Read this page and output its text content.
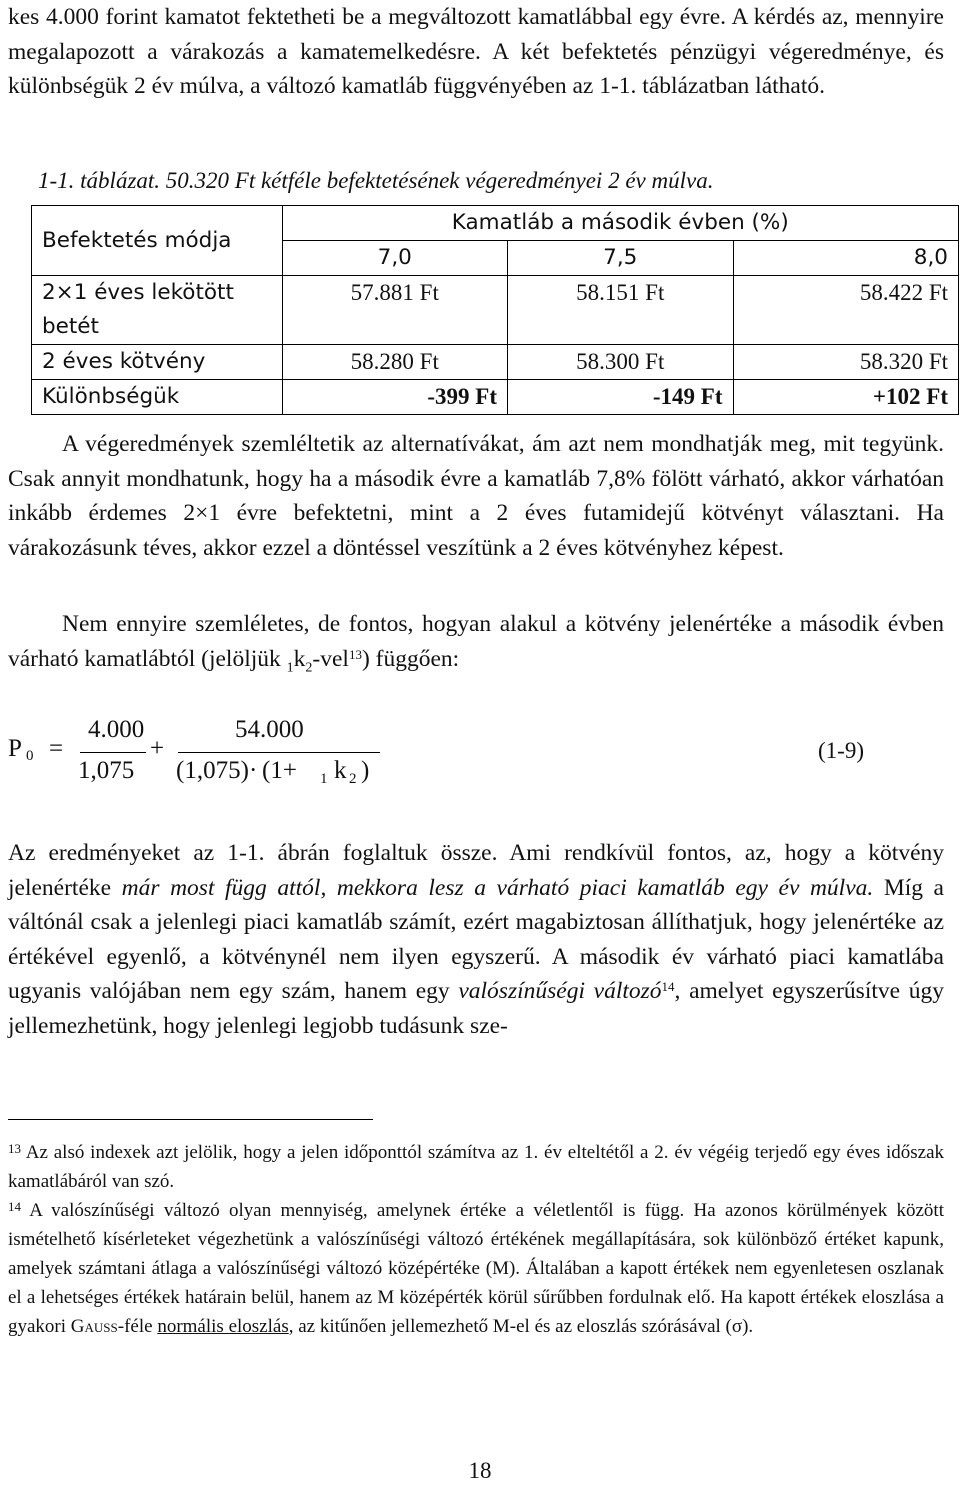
kes 4.000 forint kamatot fektetheti be a megváltozott kamatlábbal egy évre. A kérdés az, mennyire megalapozott a várakozás a kamatemelkedésre. A két befektetés pénzügyi végeredménye, és különbségük 2 év múlva, a változó kamatláb függvényében az 1-1. táblázatban látható.

1-1. táblázat. 50.320 Ft kétféle befektetésének végeredményei 2 év múlva.
Befektetés módja	Kamatláb a második évben (%)		
	7,0	7,5	8,0
2×1 éves lekötött betét	57.881 Ft	58.151 Ft	58.422 Ft
2 éves kötvény	58.280 Ft	58.300 Ft	58.320 Ft
Különbségük	-399 Ft	-149 Ft	+102 Ft

A végeredmények szemléltetik az alternatívákat, ám azt nem mondhatják meg, mit tegyünk. Csak annyit mondhatunk, hogy ha a második évre a kamatláb 7,8% fölött várható, akkor várhatóan inkább érdemes 2×1 évre befektetni, mint a 2 éves futamidejű kötvényt választani. Ha várakozásunk téves, akkor ezzel a döntéssel veszítünk a 2 éves kötvényhez képest.

Nem ennyire szemléletes, de fontos, hogyan alakul a kötvény jelenértéke a második évben várható kamatlábtól (jelöljük $_1k_2-vel^{13}$) függően:

P 0 =
4.000
1,075
+
54.000
(1,075) · (1+ 1 k 2 )
(1-9)

Az eredményeket az 1-1. ábrán foglaltuk össze. Ami rendkívül fontos, az, hogy a kötvény jelenértéke már most függ attól, mekkora lesz a várható piaci kamatláb egy év múlva. Míg a váltónál csak a jelenlegi piaci kamatláb számít, ezért magabiztosan állíthatjuk, hogy jelenértéke az értékével egyenlő, a kötvénynél nem ilyen egyszerű. A második év várható piaci kamatlába ugyanis valójában nem egy szám, hanem egy valószínűségi változó$^{14}$, amelyet egyszerűsítve úgy jellemezhetünk, hogy jelenlegi legjobb tudásunk sze-

$^{13}$ Az alsó indexek azt jelölik, hogy a jelen időponttól számítva az 1. év elteltétől a 2. év végéig terjedő egy éves időszak kamatlábáról van szó.

$^{14}$ A valószínűségi változó olyan mennyiség, amelynek értéke a véletlentől is függ. Ha azonos körülmények között ismételhető kísérleteket végezhetünk a valószínűségi változó értékének megállapítására, sok különböző értéket kapunk, amelyek számtani átlaga a valószínűségi változó középértéke (M). Általában a kapott értékek nem egyenletesen oszlanak el a lehetséges értékek határain belül, hanem az M középérték körül sűrűbben fordulnak elő. Ha kapott értékek eloszlása a gyakori Gauss-féle normális eloszlás, az kitűnően jellemezhető M-el és az eloszlás szórásával (σ).

18
